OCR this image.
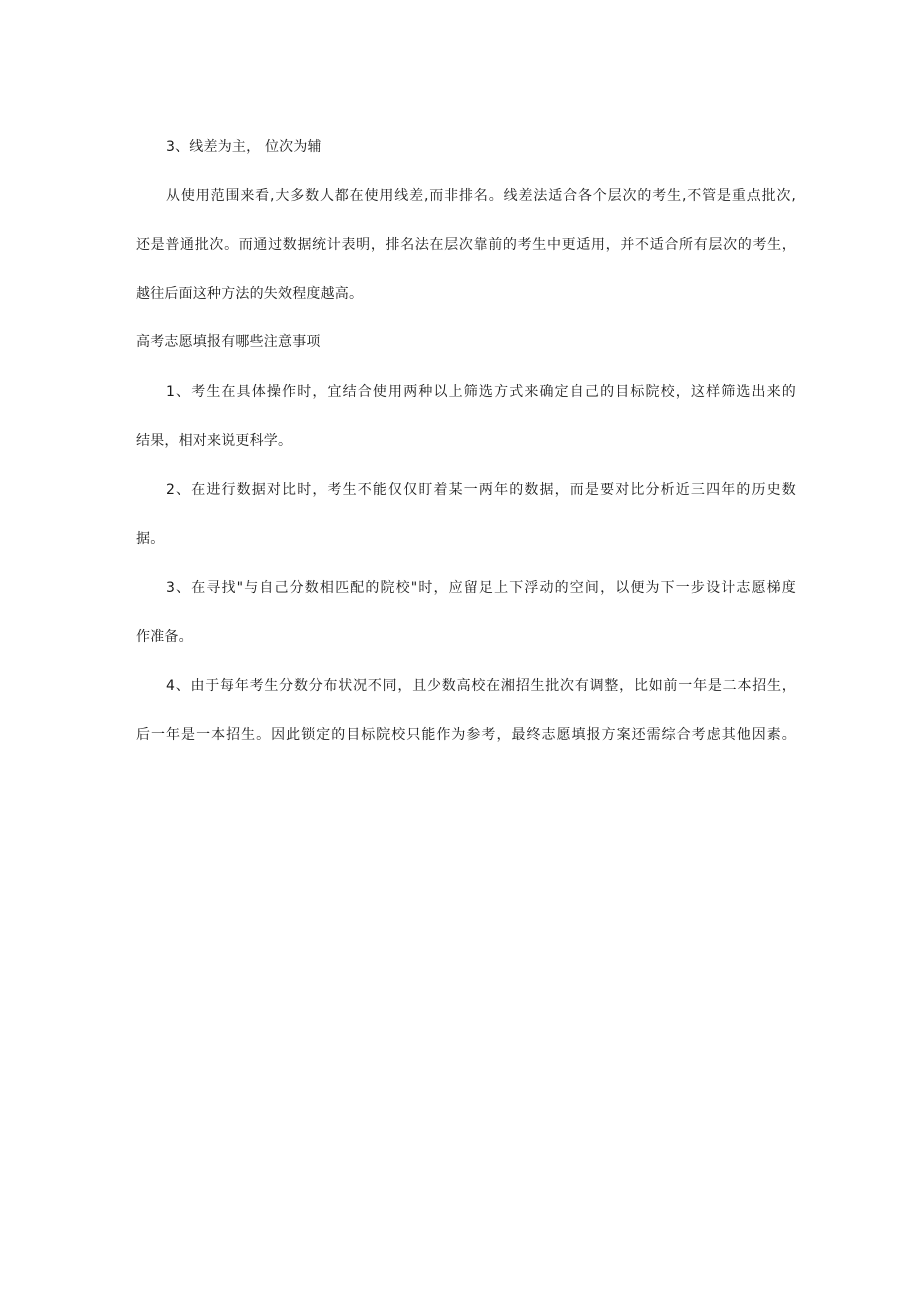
3、线差为主， 位次为辅
从使用范围来看,大多数人都在使用线差,而非排名。线差法适合各个层次的考生,不管是重点批次,
还是普通批次。而通过数据统计表明，排名法在层次靠前的考生中更适用，并不适合所有层次的考生，
越往后面这种方法的失效程度越高。
高考志愿填报有哪些注意事项
1、考生在具体操作时，宜结合使用两种以上筛选方式来确定自己的目标院校，这样筛选出来的
结果，相对来说更科学。
2、在进行数据对比时，考生不能仅仅盯着某一两年的数据，而是要对比分析近三四年的历史数
据。
3、在寻找"与自己分数相匹配的院校"时，应留足上下浮动的空间，以便为下一步设计志愿梯度
作准备。
4、由于每年考生分数分布状况不同，且少数高校在湘招生批次有调整，比如前一年是二本招生，
后一年是一本招生。因此锁定的目标院校只能作为参考，最终志愿填报方案还需综合考虑其他因素。
